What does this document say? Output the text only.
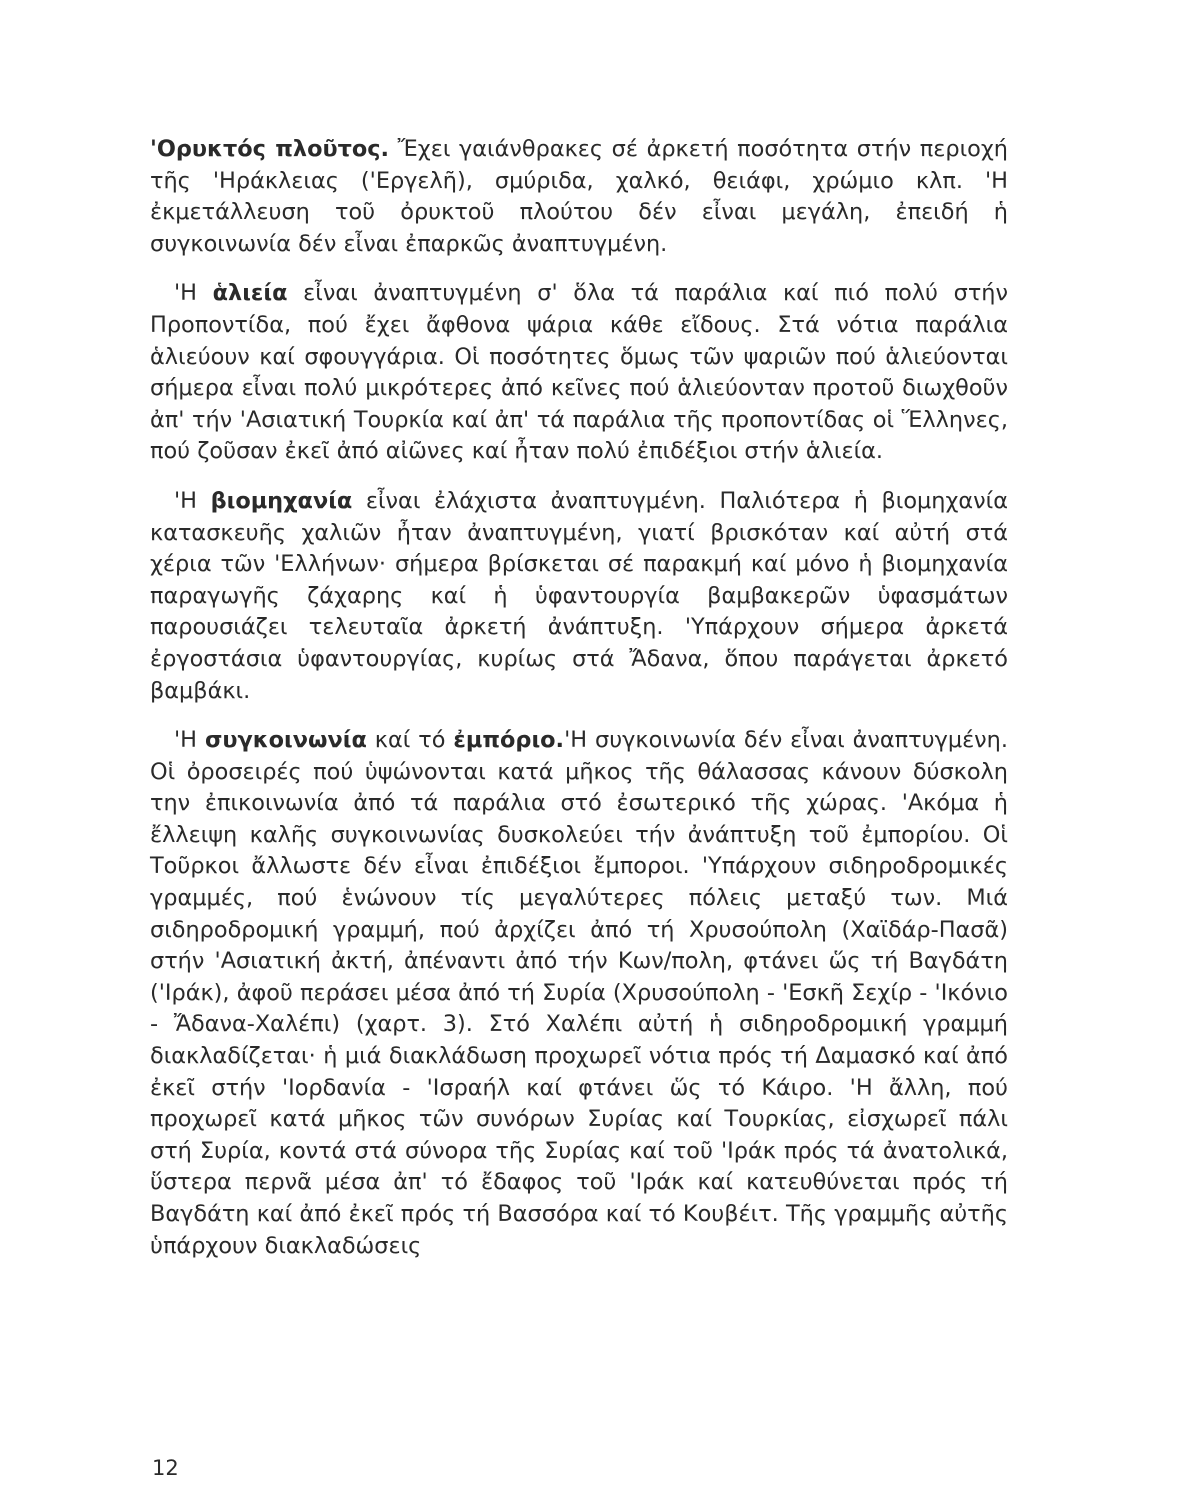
'Ορυκτός πλοῦτος. Ἔχει γαιάνθρακες σέ ἀρκετή ποσότητα στήν περιοχή τῆς 'Ηράκλειας ('Εργελῆ), σμύριδα, χαλκό, θειάφι, χρώμιο κλπ. 'Η ἐκμετάλλευση τοῦ ὀρυκτοῦ πλούτου δέν εἶναι μεγάλη, ἐπειδή ἡ συγκοινωνία δέν εἶναι ἐπαρκῶς ἀναπτυγμένη.

'Η ἁλιεία εἶναι ἀναπτυγμένη σ' ὅλα τά παράλια καί πιό πολύ στήν Προποντίδα, πού ἔχει ἄφθονα ψάρια κάθε εἴδους. Στά νότια παράλια ἁλιεύουν καί σφουγγάρια. Οἱ ποσότητες ὅμως τῶν ψαριῶν πού ἁλιεύονται σήμερα εἶναι πολύ μικρότερες ἀπό κεῖνες πού ἁλιεύονταν προτοῦ διωχθοῦν ἀπ' τήν 'Ασιατική Τουρκία καί ἀπ' τά παράλια τῆς προποντίδας οἱ Ἕλληνες, πού ζοῦσαν ἐκεῖ ἀπό αἰῶνες καί ἦταν πολύ ἐπιδέξιοι στήν ἁλιεία.

'Η βιομηχανία εἶναι ἐλάχιστα ἀναπτυγμένη. Παλιότερα ἡ βιομηχανία κατασκευῆς χαλιῶν ἦταν ἀναπτυγμένη, γιατί βρισκόταν καί αὐτή στά χέρια τῶν 'Ελλήνων· σήμερα βρίσκεται σέ παρακμή καί μόνο ἡ βιομηχανία παραγωγῆς ζάχαρης καί ἡ ὑφαντουργία βαμβακερῶν ὑφασμάτων παρουσιάζει τελευταῖα ἀρκετή ἀνάπτυξη. 'Υπάρχουν σήμερα ἀρκετά ἐργοστάσια ὑφαντουργίας, κυρίως στά Ἄδανα, ὅπου παράγεται ἀρκετό βαμβάκι.

'Η συγκοινωνία καί τό ἐμπόριο.'Η συγκοινωνία δέν εἶναι ἀναπτυγμένη. Οἱ ὀροσειρές πού ὑψώνονται κατά μῆκος τῆς θάλασσας κάνουν δύσκολη την ἐπικοινωνία ἀπό τά παράλια στό ἐσωτερικό τῆς χώρας. 'Ακόμα ἡ ἔλλειψη καλῆς συγκοινωνίας δυσκολεύει τήν ἀνάπτυξη τοῦ ἐμπορίου. Οἱ Τοῦρκοι ἄλλωστε δέν εἶναι ἐπιδέξιοι ἔμποροι. 'Υπάρχουν σιδηροδρομικές γραμμές, πού ἑνώνουν τίς μεγαλύτερες πόλεις μεταξύ των. Μιά σιδηροδρομική γραμμή, πού ἀρχίζει ἀπό τή Χρυσούπολη (Χαϊδάρ-Πασᾶ) στήν 'Ασιατική ἀκτή, ἀπέναντι ἀπό τήν Κων/πολη, φτάνει ὥς τή Βαγδάτη ('Ιράκ), ἀφοῦ περάσει μέσα ἀπό τή Συρία (Χρυσούπολη - 'Εσκῆ Σεχίρ - 'Ικόνιο - Ἄδανα-Χαλέπι) (χαρτ. 3). Στό Χαλέπι αὐτή ἡ σιδηροδρομική γραμμή διακλαδίζεται· ἡ μιά διακλάδωση προχωρεῖ νότια πρός τή Δαμασκό καί ἀπό ἐκεῖ στήν 'Ιορδανία - 'Ισραήλ καί φτάνει ὥς τό Κάιρο. 'Η ἄλλη, πού προχωρεῖ κατά μῆκος τῶν συνόρων Συρίας καί Τουρκίας, εἰσχωρεῖ πάλι στή Συρία, κοντά στά σύνορα τῆς Συρίας καί τοῦ 'Ιράκ πρός τά ἀνατολικά, ὕστερα περνᾶ μέσα ἀπ' τό ἔδαφος τοῦ 'Ιράκ καί κατευθύνεται πρός τή Βαγδάτη καί ἀπό ἐκεῖ πρός τή Βασσόρα καί τό Κουβέιτ. Τῆς γραμμῆς αὐτῆς ὑπάρχουν διακλαδώσεις

12
